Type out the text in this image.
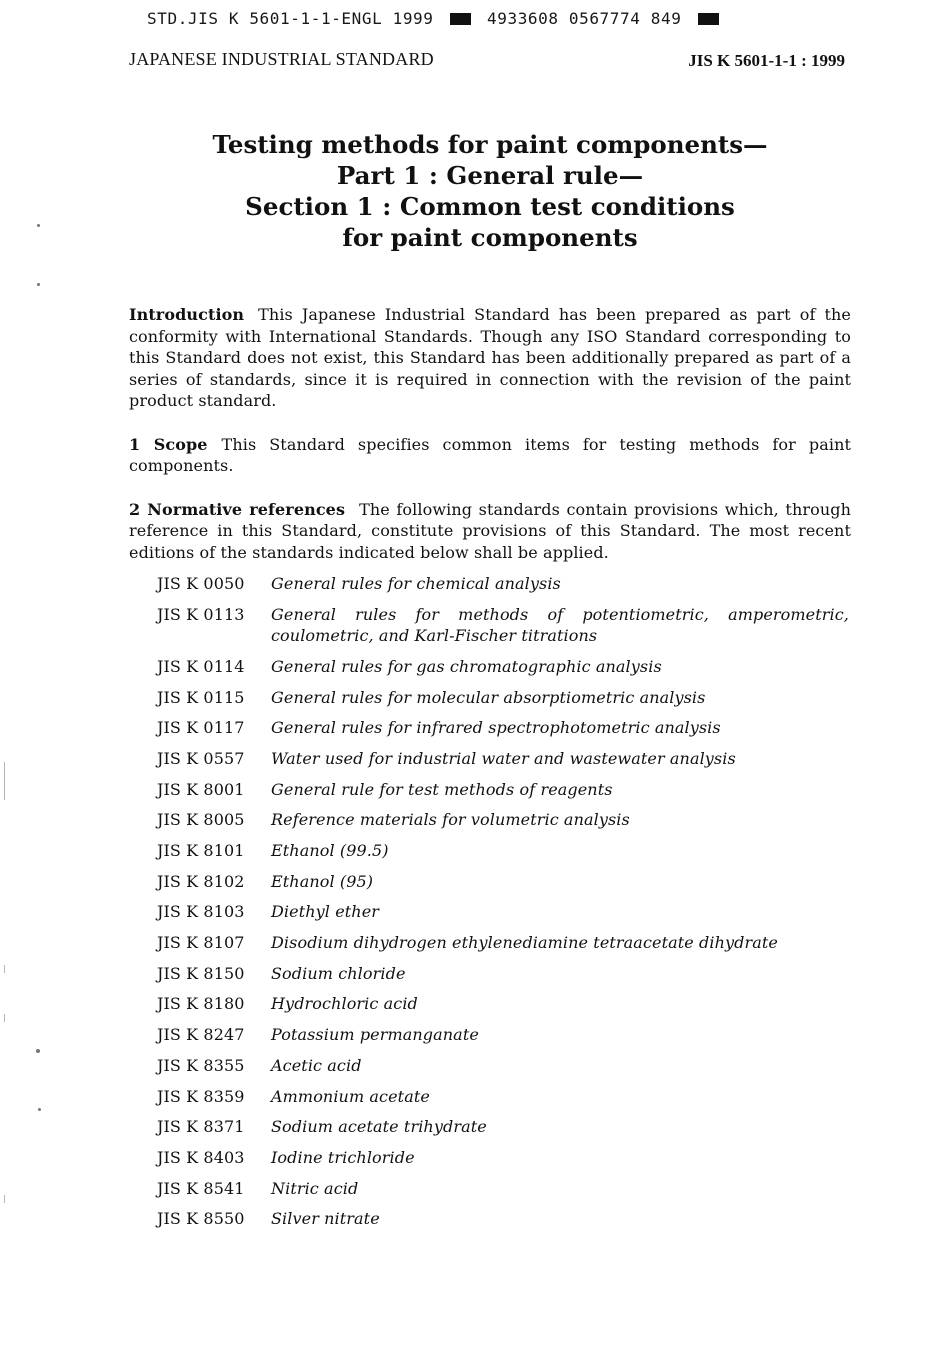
STD.JIS K 5601-1-1-ENGL 1999	4933608 0567774 849
JAPANESE INDUSTRIAL STANDARD	JIS K 5601-1-1 : 1999
Testing methods for paint components—
Part 1 : General rule—
Section 1 : Common test conditions
for paint components

Introduction This Japanese Industrial Standard has been prepared as part of the conformity with International Standards. Though any ISO Standard corresponding to this Standard does not exist, this Standard has been additionally prepared as part of a series of standards, since it is required in connection with the revision of the paint product standard.

1 Scope This Standard specifies common items for testing methods for paint components.

2 Normative references The following standards contain provisions which, through reference in this Standard, constitute provisions of this Standard. The most recent editions of the standards indicated below shall be applied.

JIS K 0050	General rules for chemical analysis
JIS K 0113	General rules for methods of potentiometric, amperometric, coulometric, and Karl-Fischer titrations
JIS K 0114	General rules for gas chromatographic analysis
JIS K 0115	General rules for molecular absorptiometric analysis
JIS K 0117	General rules for infrared spectrophotometric analysis
JIS K 0557	Water used for industrial water and wastewater analysis
JIS K 8001	General rule for test methods of reagents
JIS K 8005	Reference materials for volumetric analysis
JIS K 8101	Ethanol (99.5)
JIS K 8102	Ethanol (95)
JIS K 8103	Diethyl ether
JIS K 8107	Disodium dihydrogen ethylenediamine tetraacetate dihydrate
JIS K 8150	Sodium chloride
JIS K 8180	Hydrochloric acid
JIS K 8247	Potassium permanganate
JIS K 8355	Acetic acid
JIS K 8359	Ammonium acetate
JIS K 8371	Sodium acetate trihydrate
JIS K 8403	Iodine trichloride
JIS K 8541	Nitric acid
JIS K 8550	Silver nitrate
